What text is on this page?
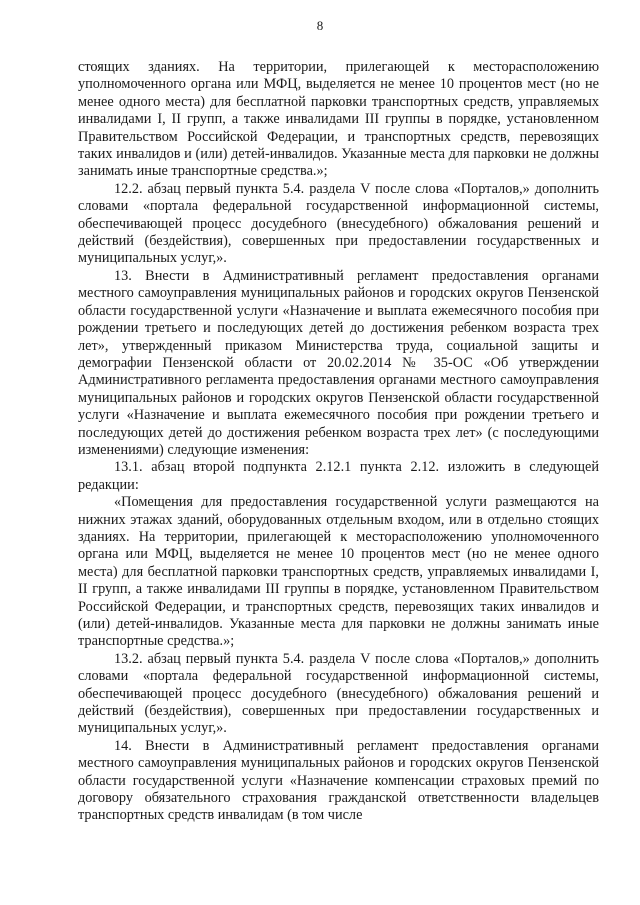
8

стоящих зданиях. На территории, прилегающей к месторасположению уполномоченного органа или МФЦ, выделяется не менее 10 процентов мест (но не менее одного места) для бесплатной парковки транспортных средств, управляемых инвалидами I, II групп, а также инвалидами III группы в порядке, установленном Правительством Российской Федерации, и транспортных средств, перевозящих таких инвалидов и (или) детей-инвалидов. Указанные места для парковки не должны занимать иные транспортные средства.»;

12.2. абзац первый пункта 5.4. раздела V после слова «Порталов,» дополнить словами «портала федеральной государственной информационной системы, обеспечивающей процесс досудебного (внесудебного) обжалования решений и действий (бездействия), совершенных при предоставлении государственных и муниципальных услуг,».

13. Внести в Административный регламент предоставления органами местного самоуправления муниципальных районов и городских округов Пензенской области государственной услуги «Назначение и выплата ежемесячного пособия при рождении третьего и последующих детей до достижения ребенком возраста трех лет», утвержденный приказом Министерства труда, социальной защиты и демографии Пензенской области от 20.02.2014 № 35-ОС «Об утверждении Административного регламента предоставления органами местного самоуправления муниципальных районов и городских округов Пензенской области государственной услуги «Назначение и выплата ежемесячного пособия при рождении третьего и последующих детей до достижения ребенком возраста трех лет» (с последующими изменениями) следующие изменения:

13.1. абзац второй подпункта 2.12.1 пункта 2.12. изложить в следующей редакции:

«Помещения для предоставления государственной услуги размещаются на нижних этажах зданий, оборудованных отдельным входом, или в отдельно стоящих зданиях. На территории, прилегающей к месторасположению уполномоченного органа или МФЦ, выделяется не менее 10 процентов мест (но не менее одного места) для бесплатной парковки транспортных средств, управляемых инвалидами I, II групп, а также инвалидами III группы в порядке, установленном Правительством Российской Федерации, и транспортных средств, перевозящих таких инвалидов и (или) детей-инвалидов. Указанные места для парковки не должны занимать иные транспортные средства.»;

13.2. абзац первый пункта 5.4. раздела V после слова «Порталов,» дополнить словами «портала федеральной государственной информационной системы, обеспечивающей процесс досудебного (внесудебного) обжалования решений и действий (бездействия), совершенных при предоставлении государственных и муниципальных услуг,».

14. Внести в Административный регламент предоставления органами местного самоуправления муниципальных районов и городских округов Пензенской области государственной услуги «Назначение компенсации страховых премий по договору обязательного страхования гражданской ответственности владельцев транспортных средств инвалидам (в том числе
